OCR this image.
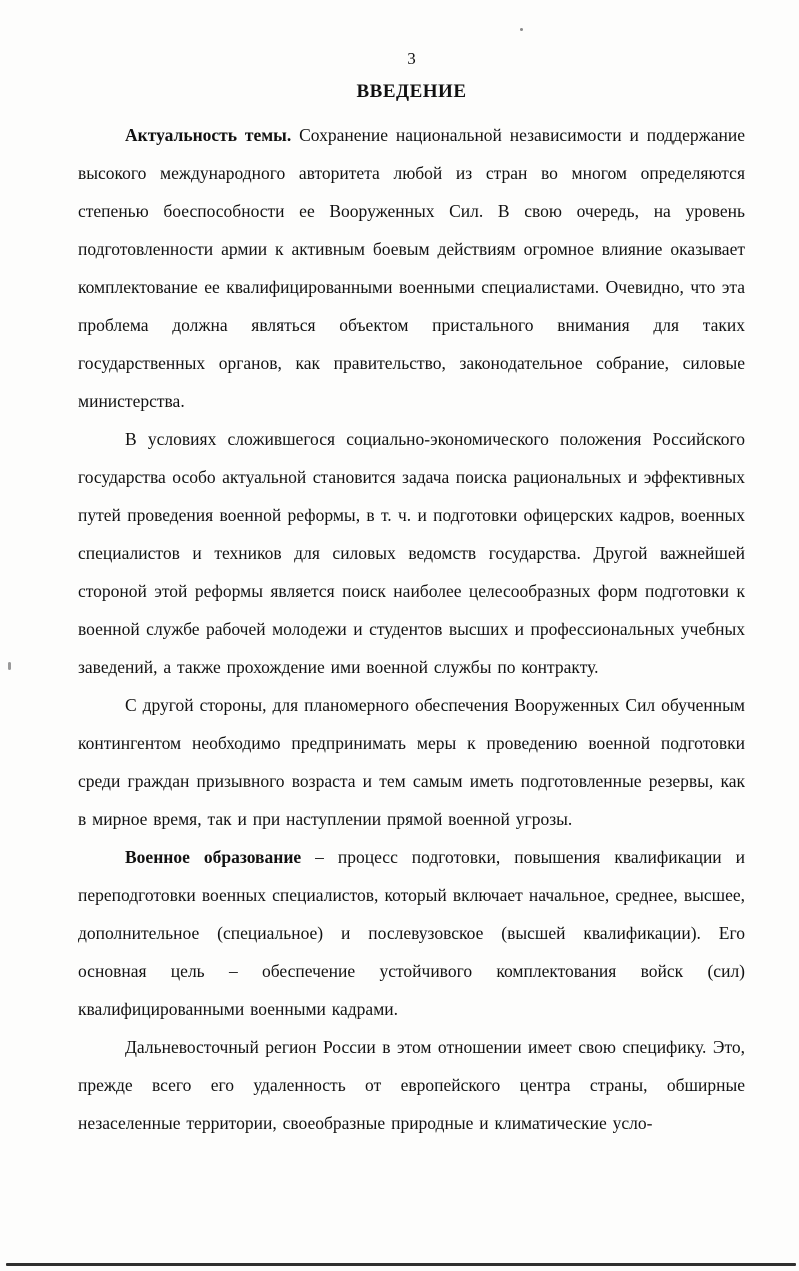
3
ВВЕДЕНИЕ

Актуальность темы. Сохранение национальной независимости и поддержание высокого международного авторитета любой из стран во многом определяются степенью боеспособности ее Вооруженных Сил. В свою очередь, на уровень подготовленности армии к активным боевым действиям огромное влияние оказывает комплектование ее квалифицированными военными специалистами. Очевидно, что эта проблема должна являться объектом пристального внимания для таких государственных органов, как правительство, законодательное собрание, силовые министерства.

В условиях сложившегося социально-экономического положения Российского государства особо актуальной становится задача поиска рациональных и эффективных путей проведения военной реформы, в т. ч. и подготовки офицерских кадров, военных специалистов и техников для силовых ведомств государства. Другой важнейшей стороной этой реформы является поиск наиболее целесообразных форм подготовки к военной службе рабочей молодежи и студентов высших и профессиональных учебных заведений, а также прохождение ими военной службы по контракту.

С другой стороны, для планомерного обеспечения Вооруженных Сил обученным контингентом необходимо предпринимать меры к проведению военной подготовки среди граждан призывного возраста и тем самым иметь подготовленные резервы, как в мирное время, так и при наступлении прямой военной угрозы.

Военное образование – процесс подготовки, повышения квалификации и переподготовки военных специалистов, который включает начальное, среднее, высшее, дополнительное (специальное) и послевузовское (высшей квалификации). Его основная цель – обеспечение устойчивого комплектования войск (сил) квалифицированными военными кадрами.

Дальневосточный регион России в этом отношении имеет свою специфику. Это, прежде всего его удаленность от европейского центра страны, обширные незаселенные территории, своеобразные природные и климатические усло-
